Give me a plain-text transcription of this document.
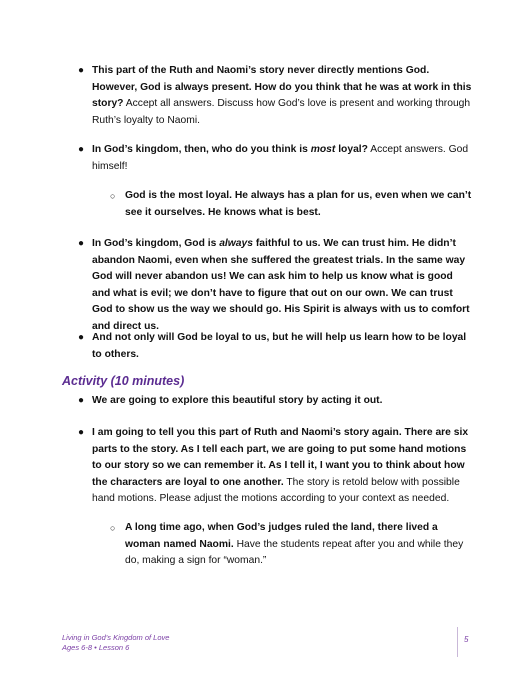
● This part of the Ruth and Naomi’s story never directly mentions God. However, God is always present. How do you think that he was at work in this story? Accept all answers. Discuss how God’s love is present and working through Ruth’s loyalty to Naomi.
● In God’s kingdom, then, who do you think is most loyal? Accept answers. God himself!
○ God is the most loyal. He always has a plan for us, even when we can’t see it ourselves. He knows what is best.
● In God’s kingdom, God is always faithful to us. We can trust him. He didn’t abandon Naomi, even when she suffered the greatest trials. In the same way God will never abandon us! We can ask him to help us know what is good and what is evil; we don’t have to figure that out on our own. We can trust God to show us the way we should go. His Spirit is always with us to comfort and direct us.
● And not only will God be loyal to us, but he will help us learn how to be loyal to others.
Activity (10 minutes)
● We are going to explore this beautiful story by acting it out.
● I am going to tell you this part of Ruth and Naomi’s story again. There are six parts to the story. As I tell each part, we are going to put some hand motions to our story so we can remember it. As I tell it, I want you to think about how the characters are loyal to one another. The story is retold below with possible hand motions. Please adjust the motions according to your context as needed.
○ A long time ago, when God’s judges ruled the land, there lived a woman named Naomi. Have the students repeat after you and while they do, making a sign for “woman.”
Living in God’s Kingdom of Love
Ages 6-8 • Lesson 6
5
